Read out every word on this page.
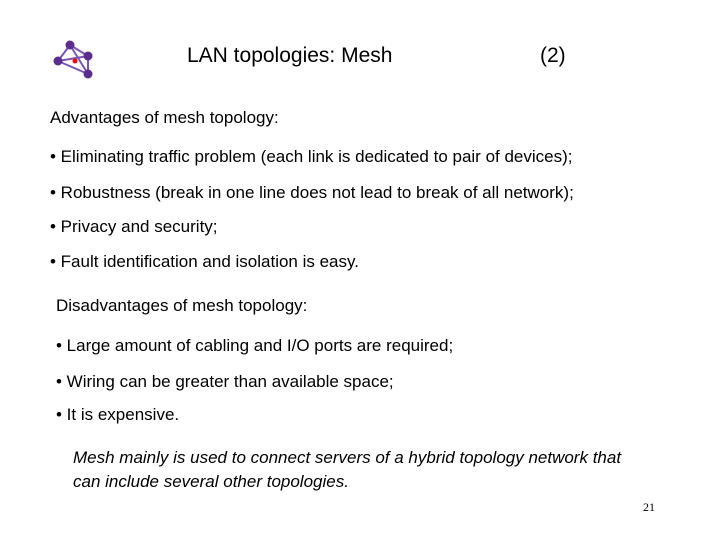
LAN topologies: Mesh	(2)
Advantages of mesh topology:
• Eliminating traffic problem (each link is dedicated to pair of devices);
• Robustness (break in one line does not lead to break of all network);
• Privacy and security;
• Fault identification and isolation is easy.
Disadvantages of mesh topology:
• Large amount of cabling and I/O ports are required;
• Wiring can be greater than available space;
• It is expensive.
Mesh mainly is used to connect servers of a hybrid topology network that can include several other topologies.
21
